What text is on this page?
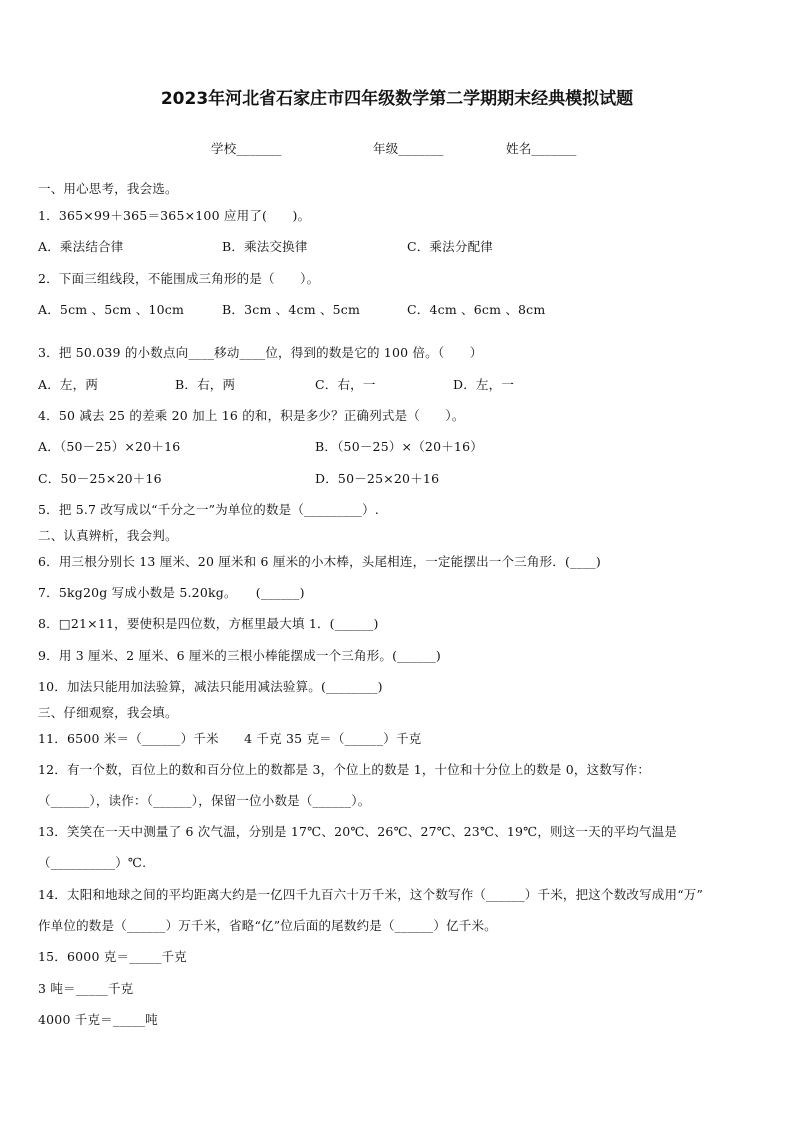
2023年河北省石家庄市四年级数学第二学期期末经典模拟试题
学校_______	年级_______	姓名_______
一、用心思考，我会选。
1．365×99＋365＝365×100 应用了(　　)。
A．乘法结合律	B．乘法交换律	C．乘法分配律
2．下面三组线段，不能围成三角形的是（　　）。
A．5cm 、5cm 、10cm	B．3cm 、4cm 、5cm	C．4cm 、6cm 、8cm
3．把 50.039 的小数点向____移动____位，得到的数是它的 100 倍。（　　）
A．左，两	B．右，两	C．右，一	D．左，一
4．50 减去 25 的差乘 20 加上 16 的和，积是多少？正确列式是（　　）。
A．（50－25）×20＋16	B．（50－25）×（20＋16）
C．50－25×20＋16	D．50－25×20＋16
5．把 5.7 改写成以“千分之一”为单位的数是（_________）.
二、认真辨析，我会判。
6．用三根分别长 13 厘米、20 厘米和 6 厘米的小木棒，头尾相连，一定能摆出一个三角形．(____)
7．5kg20g 写成小数是 5.20kg。　　(______)
8．□21×11，要使积是四位数，方框里最大填 1．(______)
9．用 3 厘米、2 厘米、6 厘米的三根小棒能摆成一个三角形。(______)
10．加法只能用加法验算，减法只能用减法验算。(________)
三、仔细观察，我会填。
11．6500 米＝（______）千米　　4 千克 35 克＝（______）千克
12．有一个数，百位上的数和百分位上的数都是 3，个位上的数是 1，十位和十分位上的数是 0，这数写作：
（______），读作：（______），保留一位小数是（______）。
13．笑笑在一天中测量了 6 次气温，分别是 17℃、20℃、26℃、27℃、23℃、19℃，则这一天的平均气温是
（__________）℃.
14．太阳和地球之间的平均距离大约是一亿四千九百六十万千米，这个数写作（______）千米，把这个数改写成用“万”
作单位的数是（______）万千米，省略“亿”位后面的尾数约是（______）亿千米。
15．6000 克＝_____千克
3 吨＝_____千克
4000 千克＝_____吨
